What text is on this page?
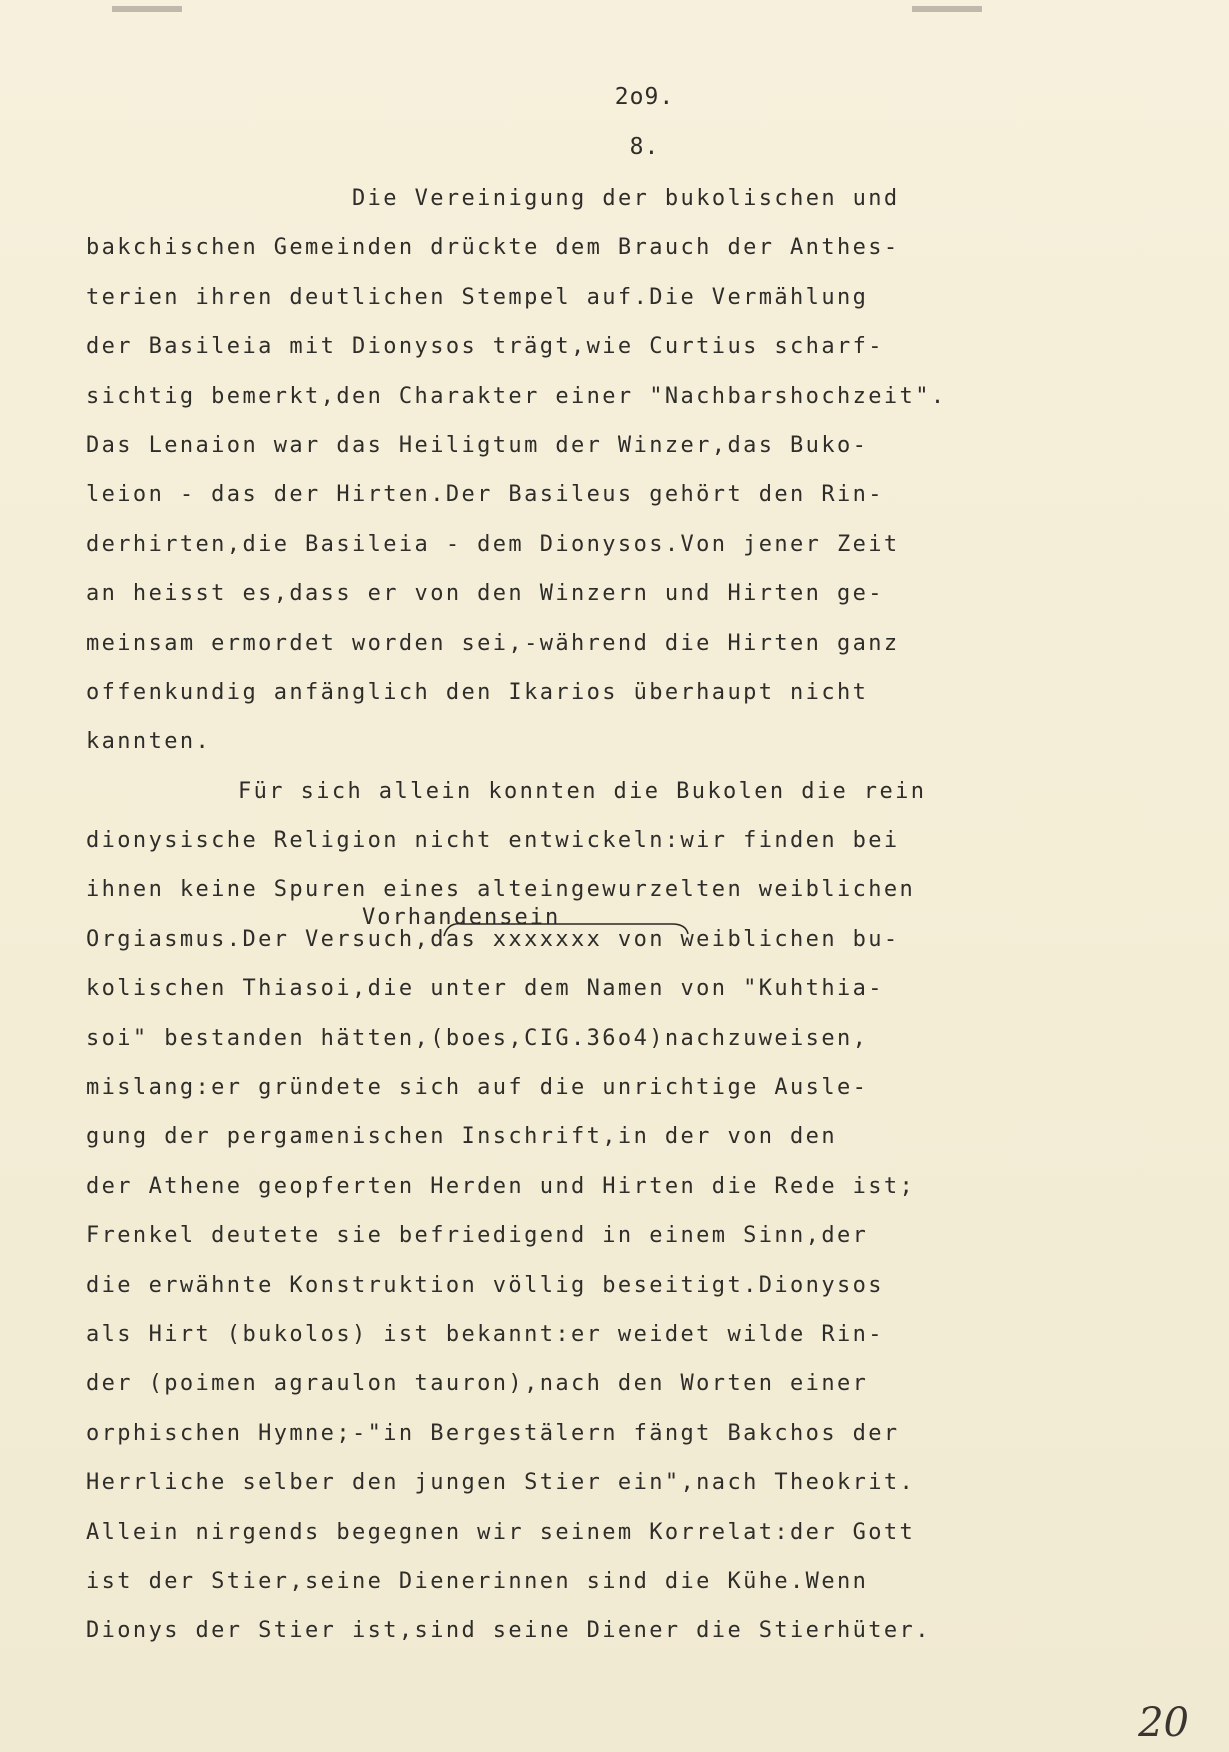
2o9.
8.
Vorhandensein
Die Vereinigung der bukolischen und
bakchischen Gemeinden drückte dem Brauch der Anthes-
terien ihren deutlichen Stempel auf.Die Vermählung
der Basileia mit Dionysos trägt,wie Curtius scharf-
sichtig bemerkt,den Charakter einer "Nachbarshochzeit".
Das Lenaion war das Heiligtum der Winzer,das Buko-
leion - das der Hirten.Der Basileus gehört den Rin-
derhirten,die Basileia - dem Dionysos.Von jener Zeit
an heisst es,dass er von den Winzern und Hirten ge-
meinsam ermordet worden sei,-während die Hirten ganz
offenkundig anfänglich den Ikarios überhaupt nicht
kannten.
Für sich allein konnten die Bukolen die rein
dionysische Religion nicht entwickeln:wir finden bei
ihnen keine Spuren eines alteingewurzelten weiblichen
Orgiasmus.Der Versuch,das xxxxxxx von weiblichen bu-
kolischen Thiasoi,die unter dem Namen von "Kuhthia-
soi" bestanden hätten,(boes,CIG.36o4)nachzuweisen,
mislang:er gründete sich auf die unrichtige Ausle-
gung der pergamenischen Inschrift,in der von den
der Athene geopferten Herden und Hirten die Rede ist;
Frenkel deutete sie befriedigend in einem Sinn,der
die erwähnte Konstruktion völlig beseitigt.Dionysos
als Hirt (bukolos) ist bekannt:er weidet wilde Rin-
der (poimen agraulon tauron),nach den Worten einer
orphischen Hymne;-"in Bergestälern fängt Bakchos der
Herrliche selber den jungen Stier ein",nach Theokrit.
Allein nirgends begegnen wir seinem Korrelat:der Gott
ist der Stier,seine Dienerinnen sind die Kühe.Wenn
Dionys der Stier ist,sind seine Diener die Stierhüter.
20
